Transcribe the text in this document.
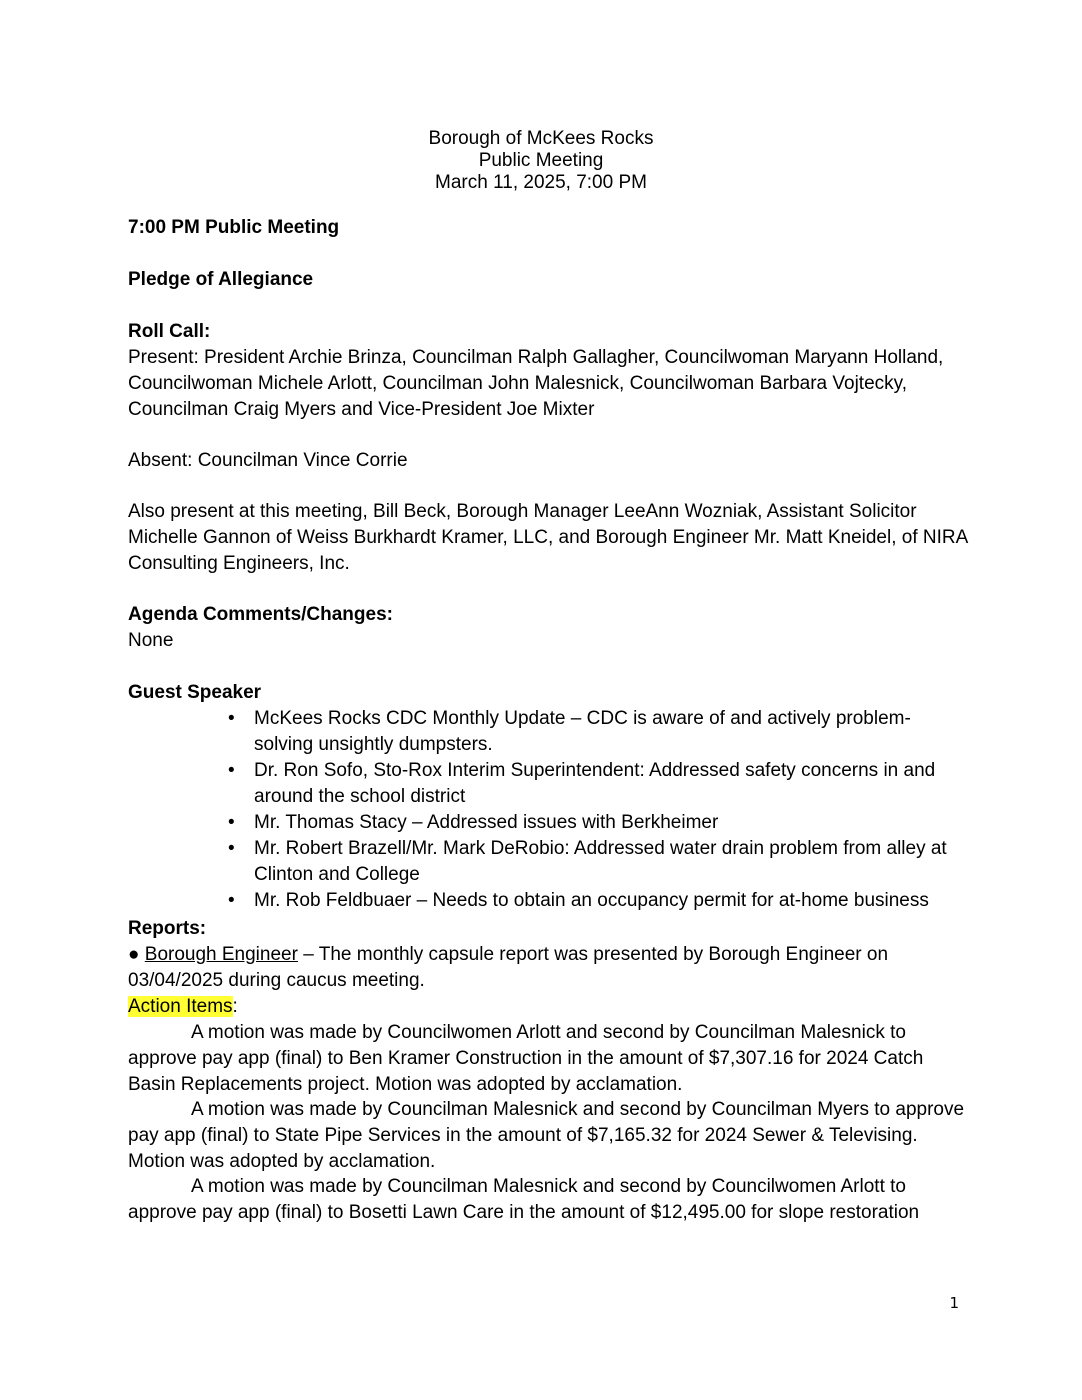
Borough of McKees Rocks
Public Meeting
March 11, 2025, 7:00 PM
7:00 PM Public Meeting
Pledge of Allegiance
Roll Call:
Present: President Archie Brinza, Councilman Ralph Gallagher, Councilwoman Maryann Holland, Councilwoman Michele Arlott, Councilman John Malesnick, Councilwoman Barbara Vojtecky, Councilman Craig Myers and Vice-President Joe Mixter
Absent: Councilman Vince Corrie
Also present at this meeting, Bill Beck, Borough Manager LeeAnn Wozniak, Assistant Solicitor Michelle Gannon of Weiss Burkhardt Kramer, LLC, and Borough Engineer Mr. Matt Kneidel, of NIRA Consulting Engineers, Inc.
Agenda Comments/Changes:
None
Guest Speaker
• McKees Rocks CDC Monthly Update – CDC is aware of and actively problem-solving unsightly dumpsters.
• Dr. Ron Sofo, Sto-Rox Interim Superintendent: Addressed safety concerns in and around the school district
• Mr. Thomas Stacy – Addressed issues with Berkheimer
• Mr. Robert Brazell/Mr. Mark DeRobio: Addressed water drain problem from alley at Clinton and College
• Mr. Rob Feldbuaer – Needs to obtain an occupancy permit for at-home business
Reports:
● Borough Engineer – The monthly capsule report was presented by Borough Engineer on 03/04/2025 during caucus meeting.
Action Items:
A motion was made by Councilwomen Arlott and second by Councilman Malesnick to approve pay app (final) to Ben Kramer Construction in the amount of $7,307.16 for 2024 Catch Basin Replacements project. Motion was adopted by acclamation.
A motion was made by Councilman Malesnick and second by Councilman Myers to approve pay app (final) to State Pipe Services in the amount of $7,165.32 for 2024 Sewer & Televising. Motion was adopted by acclamation.
A motion was made by Councilman Malesnick and second by Councilwomen Arlott to approve pay app (final) to Bosetti Lawn Care in the amount of $12,495.00 for slope restoration
1
